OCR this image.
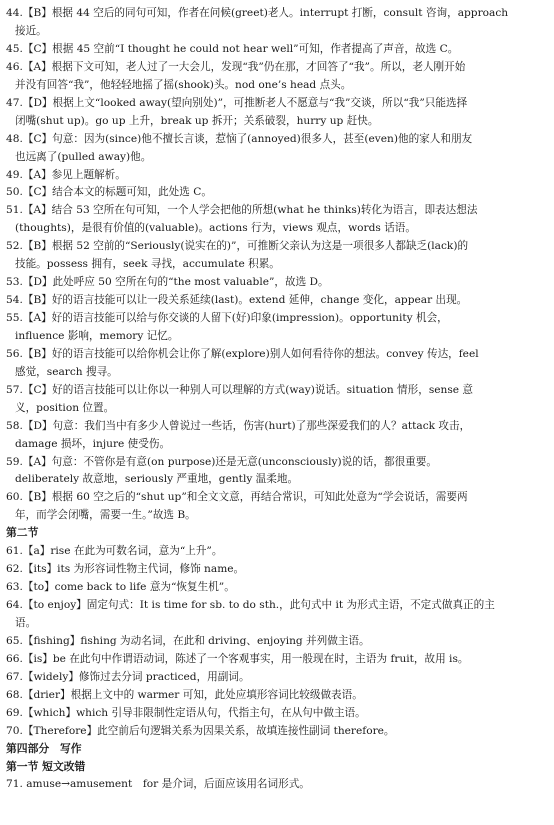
44.【B】根据 44 空后的同句可知，作者在问候(greet)老人。interrupt 打断，consult 咨询，approach
接近。
45.【C】根据 45 空前“I thought he could not hear well”可知，作者提高了声音，故选 C。
46.【A】根据下文可知，老人过了一大会儿，发现“我”仍在那，才回答了“我”。所以，老人刚开始
并没有回答“我”，他轻轻地摇了摇(shook)头。nod one’s head 点头。
47.【D】根据上文“looked away(望向别处)”，可推断老人不愿意与“我”交谈，所以“我”只能选择
闭嘴(shut up)。go up 上升，break up 拆开；关系破裂，hurry up 赶快。
48.【C】句意：因为(since)他不擅长言谈，惹恼了(annoyed)很多人，甚至(even)他的家人和朋友
也远离了(pulled away)他。
49.【A】参见上题解析。
50.【C】结合本文的标题可知，此处选 C。
51.【A】结合 53 空所在句可知，一个人学会把他的所想(what he thinks)转化为语言，即表达想法
(thoughts)，是很有价值的(valuable)。actions 行为，views 观点，words 话语。
52.【B】根据 52 空前的“Seriously(说实在的)”，可推断父亲认为这是一项很多人都缺乏(lack)的
技能。possess 拥有，seek 寻找，accumulate 积累。
53.【D】此处呼应 50 空所在句的“the most valuable”，故选 D。
54.【B】好的语言技能可以让一段关系延续(last)。extend 延伸，change 变化，appear 出现。
55.【A】好的语言技能可以给与你交谈的人留下(好)印象(impression)。opportunity 机会，
influence 影响，memory 记忆。
56.【B】好的语言技能可以给你机会让你了解(explore)别人如何看待你的想法。convey 传达，feel
感觉，search 搜寻。
57.【C】好的语言技能可以让你以一种别人可以理解的方式(way)说话。situation 情形，sense 意
义，position 位置。
58.【D】句意：我们当中有多少人曾说过一些话，伤害(hurt)了那些深爱我们的人？attack 攻击，
damage 损坏，injure 使受伤。
59.【A】句意：不管你是有意(on purpose)还是无意(unconsciously)说的话，都很重要。
deliberately 故意地，seriously 严重地，gently 温柔地。
60.【B】根据 60 空之后的“shut up”和全文文意，再结合常识，可知此处意为“学会说话，需要两
年，而学会闭嘴，需要一生。”故选 B。
第二节
61.【a】rise 在此为可数名词，意为“上升”。
62.【its】its 为形容词性物主代词，修饰 name。
63.【to】come back to life 意为“恢复生机”。
64.【to enjoy】固定句式：It is time for sb. to do sth.，此句式中 it 为形式主语，不定式做真正的主
语。
65.【fishing】fishing 为动名词，在此和 driving、enjoying 并列做主语。
66.【is】be 在此句中作谓语动词，陈述了一个客观事实，用一般现在时，主语为 fruit，故用 is。
67.【widely】修饰过去分词 practiced，用副词。
68.【drier】根据上文中的 warmer 可知，此处应填形容词比较级做表语。
69.【which】which 引导非限制性定语从句，代指主句，在从句中做主语。
70.【Therefore】此空前后句逻辑关系为因果关系，故填连接性副词 therefore。
第四部分　写作
第一节 短文改错
71. amuse→amusement　for 是介词，后面应该用名词形式。
